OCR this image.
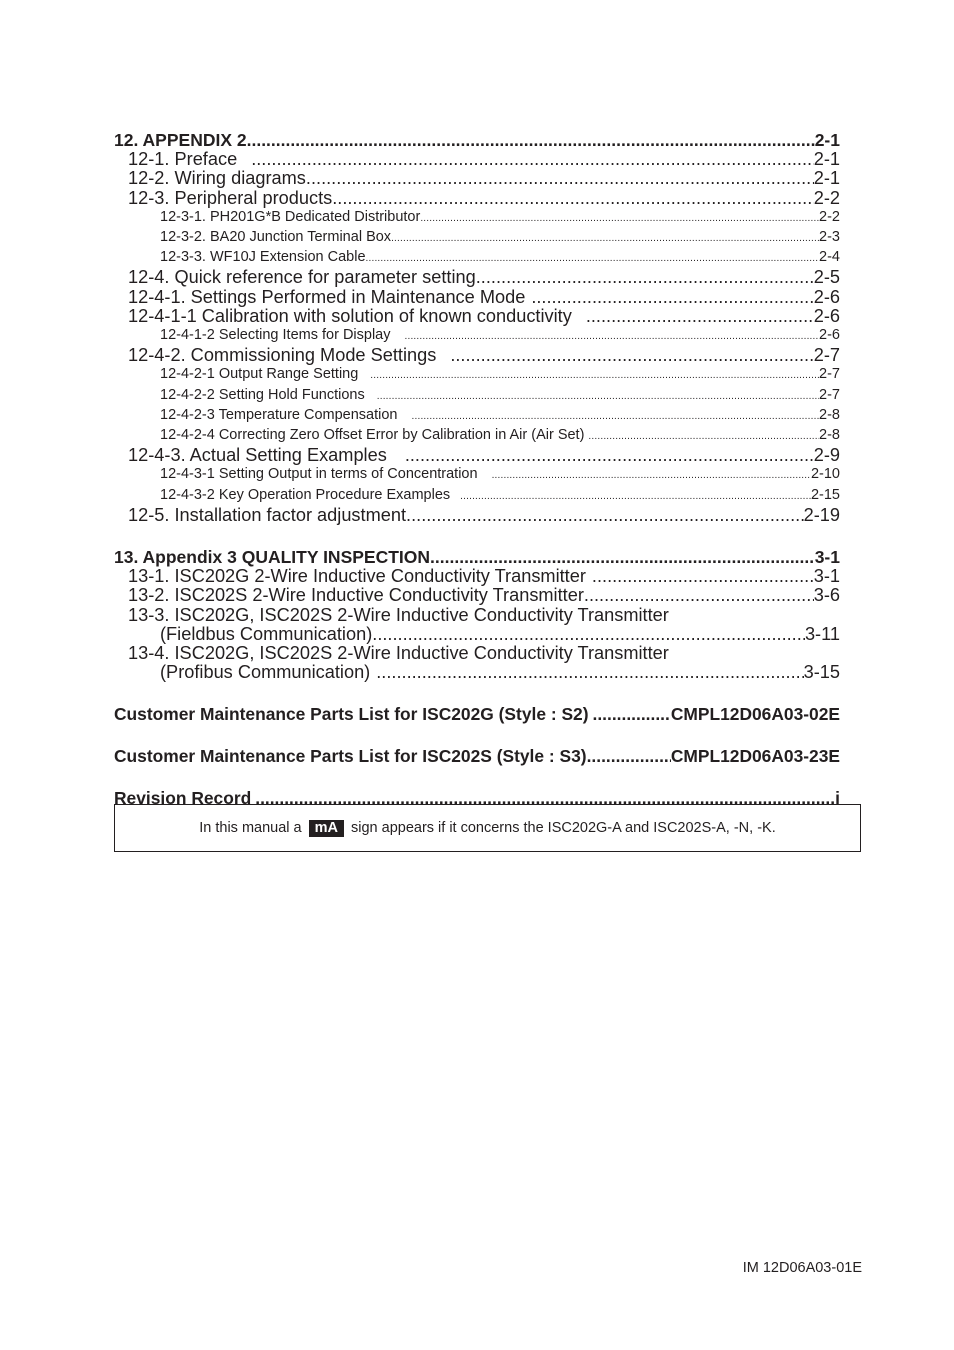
12. APPENDIX 2 .....	2-1
12-1. Preface .....	2-1
12-2. Wiring diagrams .....	2-1
12-3. Peripheral products .....	2-2
12-3-1. PH201G*B Dedicated Distributor .....	2-2
12-3-2. BA20 Junction Terminal Box .....	2-3
12-3-3. WF10J Extension Cable .....	2-4
12-4. Quick reference for parameter setting .....	2-5
12-4-1. Settings Performed in Maintenance Mode .....	2-6
12-4-1-1 Calibration with solution of known conductivity .....	2-6
12-4-1-2 Selecting Items for Display .....	2-6
12-4-2. Commissioning Mode Settings .....	2-7
12-4-2-1 Output Range Setting .....	2-7
12-4-2-2 Setting Hold Functions .....	2-7
12-4-2-3 Temperature Compensation .....	2-8
12-4-2-4 Correcting Zero Offset Error by Calibration in Air (Air Set) .....	2-8
12-4-3. Actual Setting Examples .....	2-9
12-4-3-1 Setting Output in terms of Concentration .....	2-10
12-4-3-2 Key Operation Procedure Examples .....	2-15
12-5. Installation factor adjustment .....	2-19
13. Appendix 3 QUALITY INSPECTION .....	3-1
13-1. ISC202G 2-Wire Inductive Conductivity Transmitter .....	3-1
13-2. ISC202S 2-Wire Inductive Conductivity Transmitter .....	3-6
13-3. ISC202G, ISC202S 2-Wire Inductive Conductivity Transmitter
(Fieldbus Communication) .....	3-11
13-4. ISC202G, ISC202S 2-Wire Inductive Conductivity Transmitter
(Profibus Communication) .....	3-15
Customer Maintenance Parts List for ISC202G (Style : S2) .....	CMPL12D06A03-02E
Customer Maintenance Parts List for ISC202S (Style : S3) .....	CMPL12D06A03-23E
Revision Record .....	i
In this manual a mA sign appears if it concerns the ISC202G-A and ISC202S-A, -N, -K.
IM 12D06A03-01E
